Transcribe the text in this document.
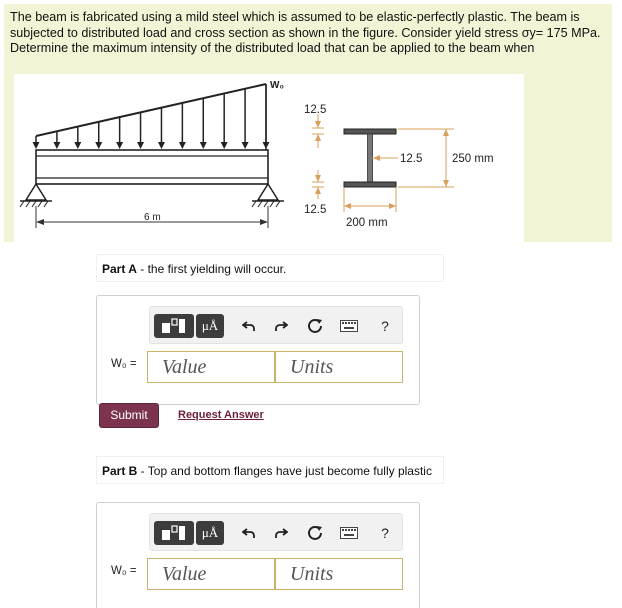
The beam is fabricated using a mild steel which is assumed to be elastic-perfectly plastic. The beam is subjected to distributed load and cross section as shown in the figure. Consider yield stress σy= 175 MPa. Determine the maximum intensity of the distributed load that can be applied to the beam when
6 m
W₀
12.5
12.5
12.5	250 mm
200 mm
Part A - the first yielding will occur.
μÅ	?
W₀ =
Value
Units
Submit	Request Answer
Part B - Top and bottom flanges have just become fully plastic
μÅ	?
W₀ =
Value
Units
